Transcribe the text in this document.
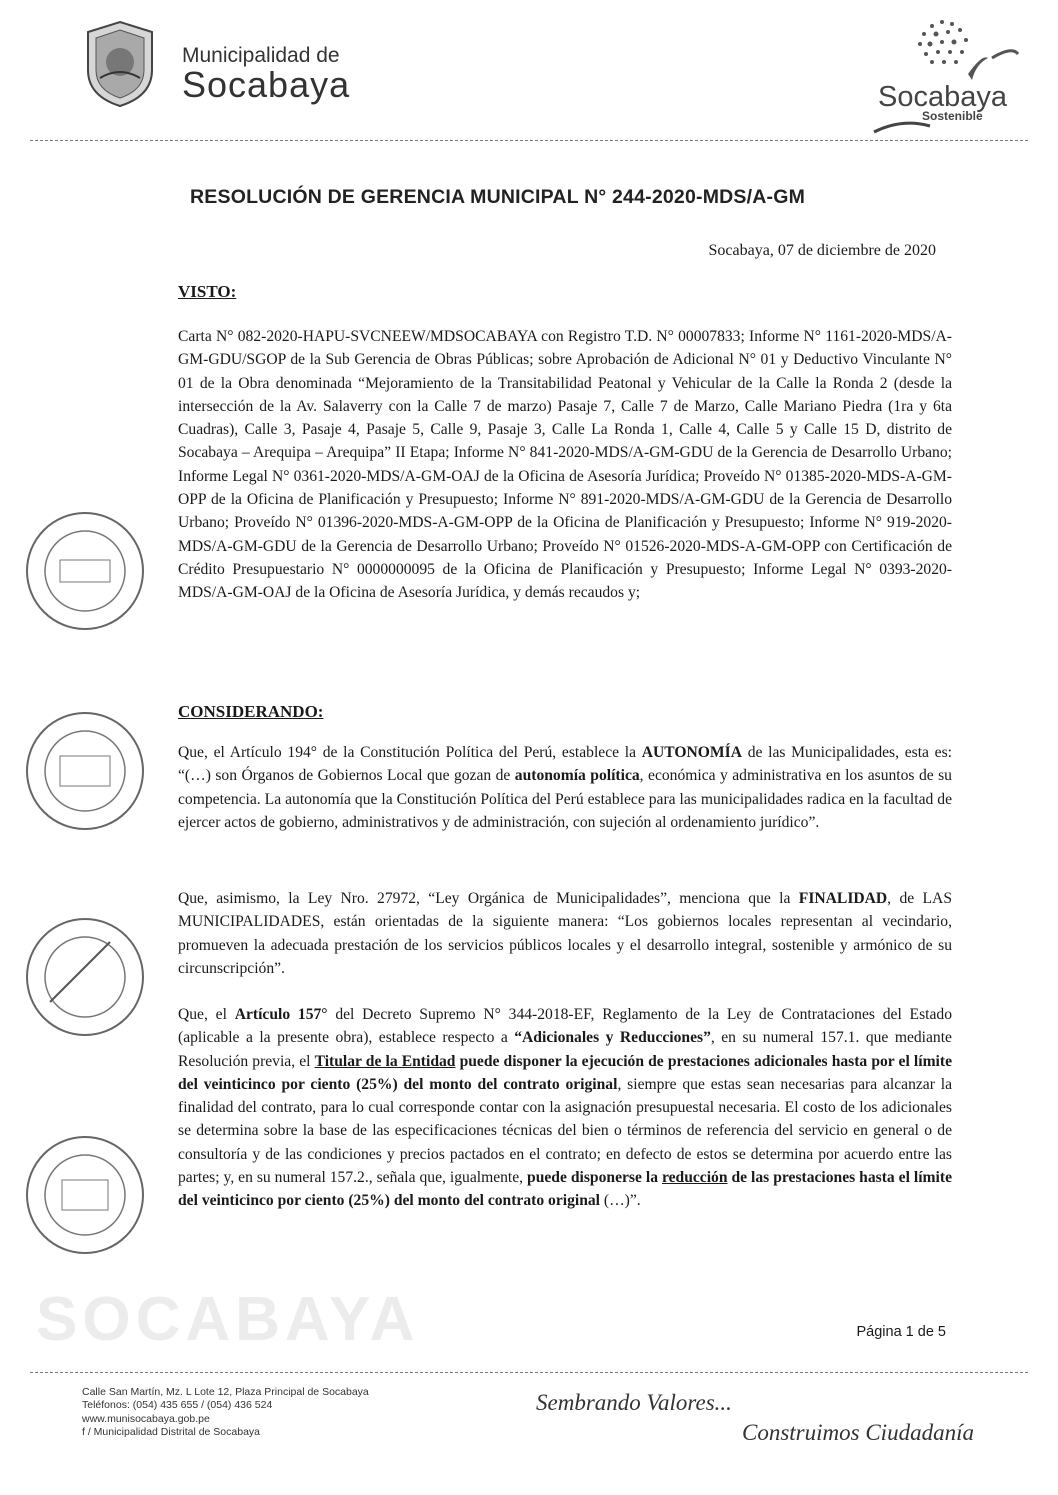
SOCABAYA
Municipalidad de
Socabaya	Socabaya
Sostenible
RESOLUCIÓN DE GERENCIA MUNICIPAL N° 244-2020-MDS/A-GM
Socabaya, 07 de diciembre de 2020
VISTO:
Carta N° 082-2020-HAPU-SVCNEEW/MDSOCABAYA con Registro T.D. N° 00007833; Informe N° 1161-2020-MDS/A-GM-GDU/SGOP de la Sub Gerencia de Obras Públicas; sobre Aprobación de Adicional N° 01 y Deductivo Vinculante N° 01 de la Obra denominada “Mejoramiento de la Transitabilidad Peatonal y Vehicular de la Calle la Ronda 2 (desde la intersección de la Av. Salaverry con la Calle 7 de marzo) Pasaje 7, Calle 7 de Marzo, Calle Mariano Piedra (1ra y 6ta Cuadras), Calle 3, Pasaje 4, Pasaje 5, Calle 9, Pasaje 3, Calle La Ronda 1, Calle 4, Calle 5 y Calle 15 D, distrito de Socabaya – Arequipa – Arequipa” II Etapa; Informe N° 841-2020-MDS/A-GM-GDU de la Gerencia de Desarrollo Urbano; Informe Legal N° 0361-2020-MDS/A-GM-OAJ de la Oficina de Asesoría Jurídica; Proveído N° 01385-2020-MDS-A-GM-OPP de la Oficina de Planificación y Presupuesto; Informe N° 891-2020-MDS/A-GM-GDU de la Gerencia de Desarrollo Urbano; Proveído N° 01396-2020-MDS-A-GM-OPP de la Oficina de Planificación y Presupuesto; Informe N° 919-2020-MDS/A-GM-GDU de la Gerencia de Desarrollo Urbano; Proveído N° 01526-2020-MDS-A-GM-OPP con Certificación de Crédito Presupuestario N° 0000000095 de la Oficina de Planificación y Presupuesto; Informe Legal N° 0393-2020-MDS/A-GM-OAJ de la Oficina de Asesoría Jurídica, y demás recaudos y;
CONSIDERANDO:
Que, el Artículo 194° de la Constitución Política del Perú, establece la AUTONOMÍA de las Municipalidades, esta es: “(…) son Órganos de Gobiernos Local que gozan de autonomía política, económica y administrativa en los asuntos de su competencia. La autonomía que la Constitución Política del Perú establece para las municipalidades radica en la facultad de ejercer actos de gobierno, administrativos y de administración, con sujeción al ordenamiento jurídico”.
Que, asimismo, la Ley Nro. 27972, “Ley Orgánica de Municipalidades”, menciona que la FINALIDAD, de LAS MUNICIPALIDADES, están orientadas de la siguiente manera: “Los gobiernos locales representan al vecindario, promueven la adecuada prestación de los servicios públicos locales y el desarrollo integral, sostenible y armónico de su circunscripción”.
Que, el Artículo 157° del Decreto Supremo N° 344-2018-EF, Reglamento de la Ley de Contrataciones del Estado (aplicable a la presente obra), establece respecto a “Adicionales y Reducciones”, en su numeral 157.1. que mediante Resolución previa, el Titular de la Entidad puede disponer la ejecución de prestaciones adicionales hasta por el límite del veinticinco por ciento (25%) del monto del contrato original, siempre que estas sean necesarias para alcanzar la finalidad del contrato, para lo cual corresponde contar con la asignación presupuestal necesaria. El costo de los adicionales se determina sobre la base de las especificaciones técnicas del bien o términos de referencia del servicio en general o de consultoría y de las condiciones y precios pactados en el contrato; en defecto de estos se determina por acuerdo entre las partes; y, en su numeral 157.2., señala que, igualmente, puede disponerse la reducción de las prestaciones hasta el límite del veinticinco por ciento (25%) del monto del contrato original (…)”.
Página 1 de 5
Calle San Martín, Mz. L Lote 12, Plaza Principal de Socabaya
Teléfonos: (054) 435 655 / (054) 436 524
www.munisocabaya.gob.pe
f / Municipalidad Distrital de Socabaya
Sembrando Valores...
Construimos Ciudadanía
